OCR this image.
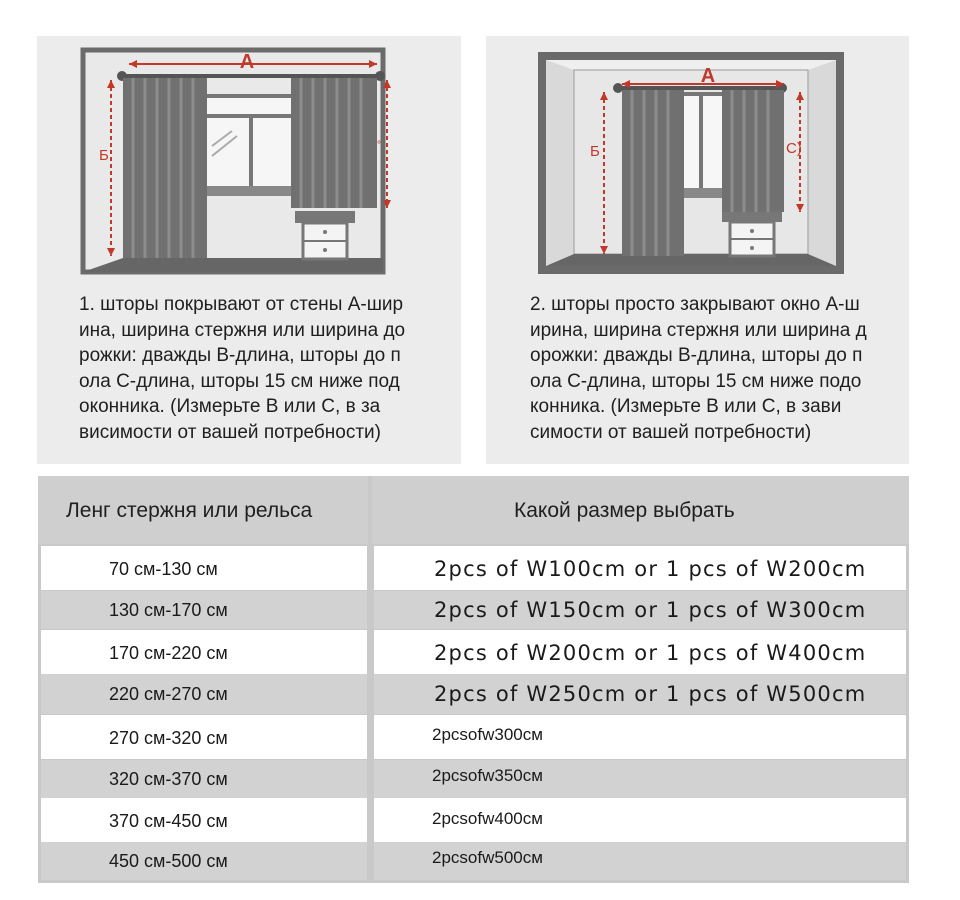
A
Б
°
1. шторы покрывают от стены A-шир
ина, ширина стержня или ширина до
рожки: дважды B-длина, шторы до п
ола C-длина, шторы 15 см ниже под
оконника. (Измерьте B или C, в за
висимости от вашей потребности)
A
Б	C)
2. шторы просто закрывают окно A-ш
ирина, ширина стержня или ширина д
орожки: дважды B-длина, шторы до п
ола C-длина, шторы 15 см ниже подо
конника. (Измерьте B или C, в зави
симости от вашей потребности)
Ленг стержня или рельса	Какой размер выбрать
70 см-130 см	2pcs of W100cm or 1 pcs of W200cm
130 см-170 см	2pcs of W150cm or 1 pcs of W300cm
170 см-220 см	2pcs of W200cm or 1 pcs of W400cm
220 см-270 см	2pcs of W250cm or 1 pcs of W500cm
270 см-320 см	2pcsofw300cм
320 см-370 см	2pcsofw350cм
370 см-450 см	2pcsofw400cм
450 см-500 см	2pcsofw500cм
